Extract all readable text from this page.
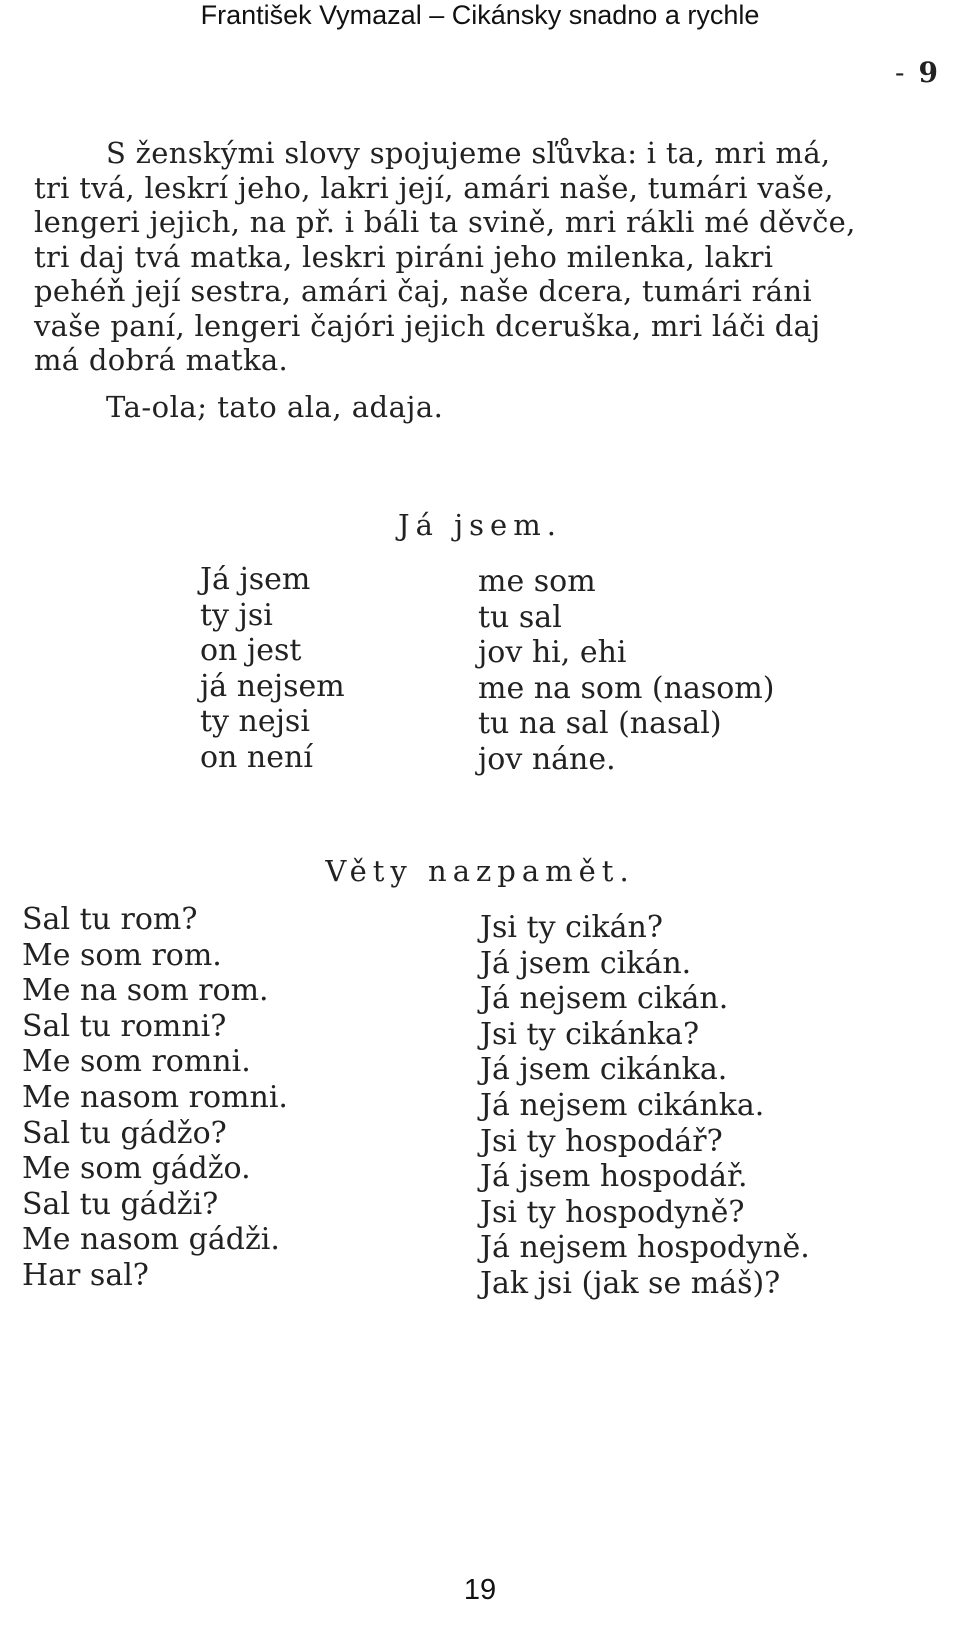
František Vymazal – Cikánsky snadno a rychle
- 9

S ženskými slovy spojujeme sľůvka: i ta, mri má,

tri tvá, leskrí jeho, lakri její, amári naše, tumári vaše,

lengeri jejich, na př. i báli ta svině, mri rákli mé děvče,

tri daj tvá matka, leskri piráni jeho milenka, lakri

pehéň její sestra, amári čaj, naše dcera, tumári ráni

vaše paní, lengeri čajóri jejich dceruška, mri láči daj

má dobrá matka.

Ta-ola; tato ala, adaja.
Já jsem.
Já jsem
ty jsi
on jest
já nejsem
ty nejsi
on není
me som
tu sal
jov hi, ehi
me na som (nasom)
tu na sal (nasal)
jov náne.
Věty nazpamět.
Sal tu rom?
Me som rom.
Me na som rom.
Sal tu romni?
Me som romni.
Me nasom romni.
Sal tu gádžo?
Me som gádžo.
Sal tu gádži?
Me nasom gádži.
Har sal?
Jsi ty cikán?
Já jsem cikán.
Já nejsem cikán.
Jsi ty cikánka?
Já jsem cikánka.
Já nejsem cikánka.
Jsi ty hospodář?
Já jsem hospodář.
Jsi ty hospodyně?
Já nejsem hospodyně.
Jak jsi (jak se máš)?
19
